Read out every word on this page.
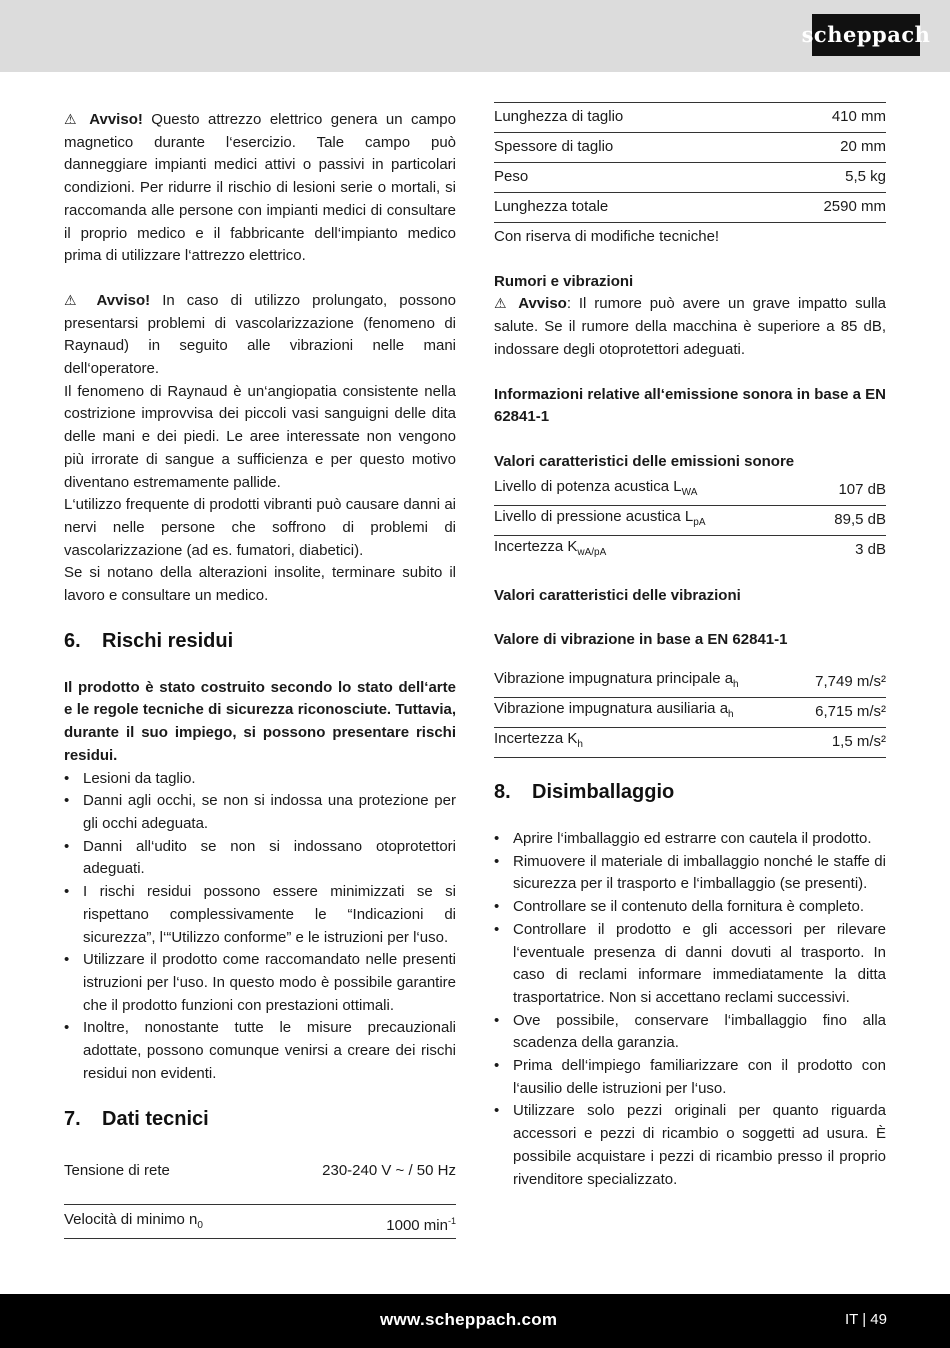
scheppach

⚠ Avviso! Questo attrezzo elettrico genera un campo magnetico durante l‘esercizio. Tale campo può danneggiare impianti medici attivi o passivi in particolari condizioni. Per ridurre il rischio di lesioni serie o mortali, si raccomanda alle persone con impianti medici di consultare il proprio medico e il fabbricante dell‘impianto medico prima di utilizzare l‘attrezzo elettrico.

⚠ Avviso! In caso di utilizzo prolungato, possono presentarsi problemi di vascolarizzazione (fenomeno di Raynaud) in seguito alle vibrazioni nelle mani dell‘operatore.

Il fenomeno di Raynaud è un‘angiopatia consistente nella costrizione improvvisa dei piccoli vasi sanguigni delle dita delle mani e dei piedi. Le aree interessate non vengono più irrorate di sangue a sufficienza e per questo motivo diventano estremamente pallide.

L‘utilizzo frequente di prodotti vibranti può causare danni ai nervi nelle persone che soffrono di problemi di vascolarizzazione (ad es. fumatori, diabetici).

Se si notano della alterazioni insolite, terminare subito il lavoro e consultare un medico.

6.	Rischi residui

Il prodotto è stato costruito secondo lo stato dell‘arte e le regole tecniche di sicurezza riconosciute. Tuttavia, durante il suo impiego, si possono presentare rischi residui.

• Lesioni da taglio.
• Danni agli occhi, se non si indossa una protezione per gli occhi adeguata.
• Danni all‘udito se non si indossano otoprotettori adeguati.
• I rischi residui possono essere minimizzati se si rispettano complessivamente le “Indicazioni di sicurezza”, l‘“Utilizzo conforme” e le istruzioni per l‘uso.
• Utilizzare il prodotto come raccomandato nelle presenti istruzioni per l‘uso. In questo modo è possibile garantire che il prodotto funzioni con prestazioni ottimali.
• Inoltre, nonostante tutte le misure precauzionali adottate, possono comunque venirsi a creare dei rischi residui non evidenti.
7.	Dati tecnici
Tensione di rete	230-240 V ~ / 50 Hz
Velocità di minimo $n_0$	1000 $\min^{-1}$
Lunghezza di taglio	410 mm
Spessore di taglio	20 mm
Peso	5,5 kg
Lunghezza totale	2590 mm

Con riserva di modifiche tecniche!

Rumori e vibrazioni

⚠ Avviso: Il rumore può avere un grave impatto sulla salute. Se il rumore della macchina è superiore a 85 dB, indossare degli otoprotettori adeguati.

Informazioni relative all‘emissione sonora in base a EN 62841-1

Valori caratteristici delle emissioni sonore

Livello di potenza acustica $L_{WA}$	107 dB
Livello di pressione acustica $L_{pA}$	89,5 dB
Incertezza $K_{wA/pA}$	3 dB

Valori caratteristici delle vibrazioni

Valore di vibrazione in base a EN 62841-1

Vibrazione impugnatura principale $a_h$	7,749 m/s²
Vibrazione impugnatura ausiliaria $a_h$	6,715 m/s²
Incertezza $K_h$	1,5 m/s²
8.	Disimballaggio
• Aprire l‘imballaggio ed estrarre con cautela il prodotto.
• Rimuovere il materiale di imballaggio nonché le staffe di sicurezza per il trasporto e l‘imballaggio (se presenti).
• Controllare se il contenuto della fornitura è completo.
• Controllare il prodotto e gli accessori per rilevare l‘eventuale presenza di danni dovuti al trasporto. In caso di reclami informare immediatamente la ditta trasportatrice. Non si accettano reclami successivi.
• Ove possibile, conservare l‘imballaggio fino alla scadenza della garanzia.
• Prima dell‘impiego familiarizzare con il prodotto con l‘ausilio delle istruzioni per l‘uso.
• Utilizzare solo pezzi originali per quanto riguarda accessori e pezzi di ricambio o soggetti ad usura. È possibile acquistare i pezzi di ricambio presso il proprio rivenditore specializzato.
www.scheppach.com	IT | 49
